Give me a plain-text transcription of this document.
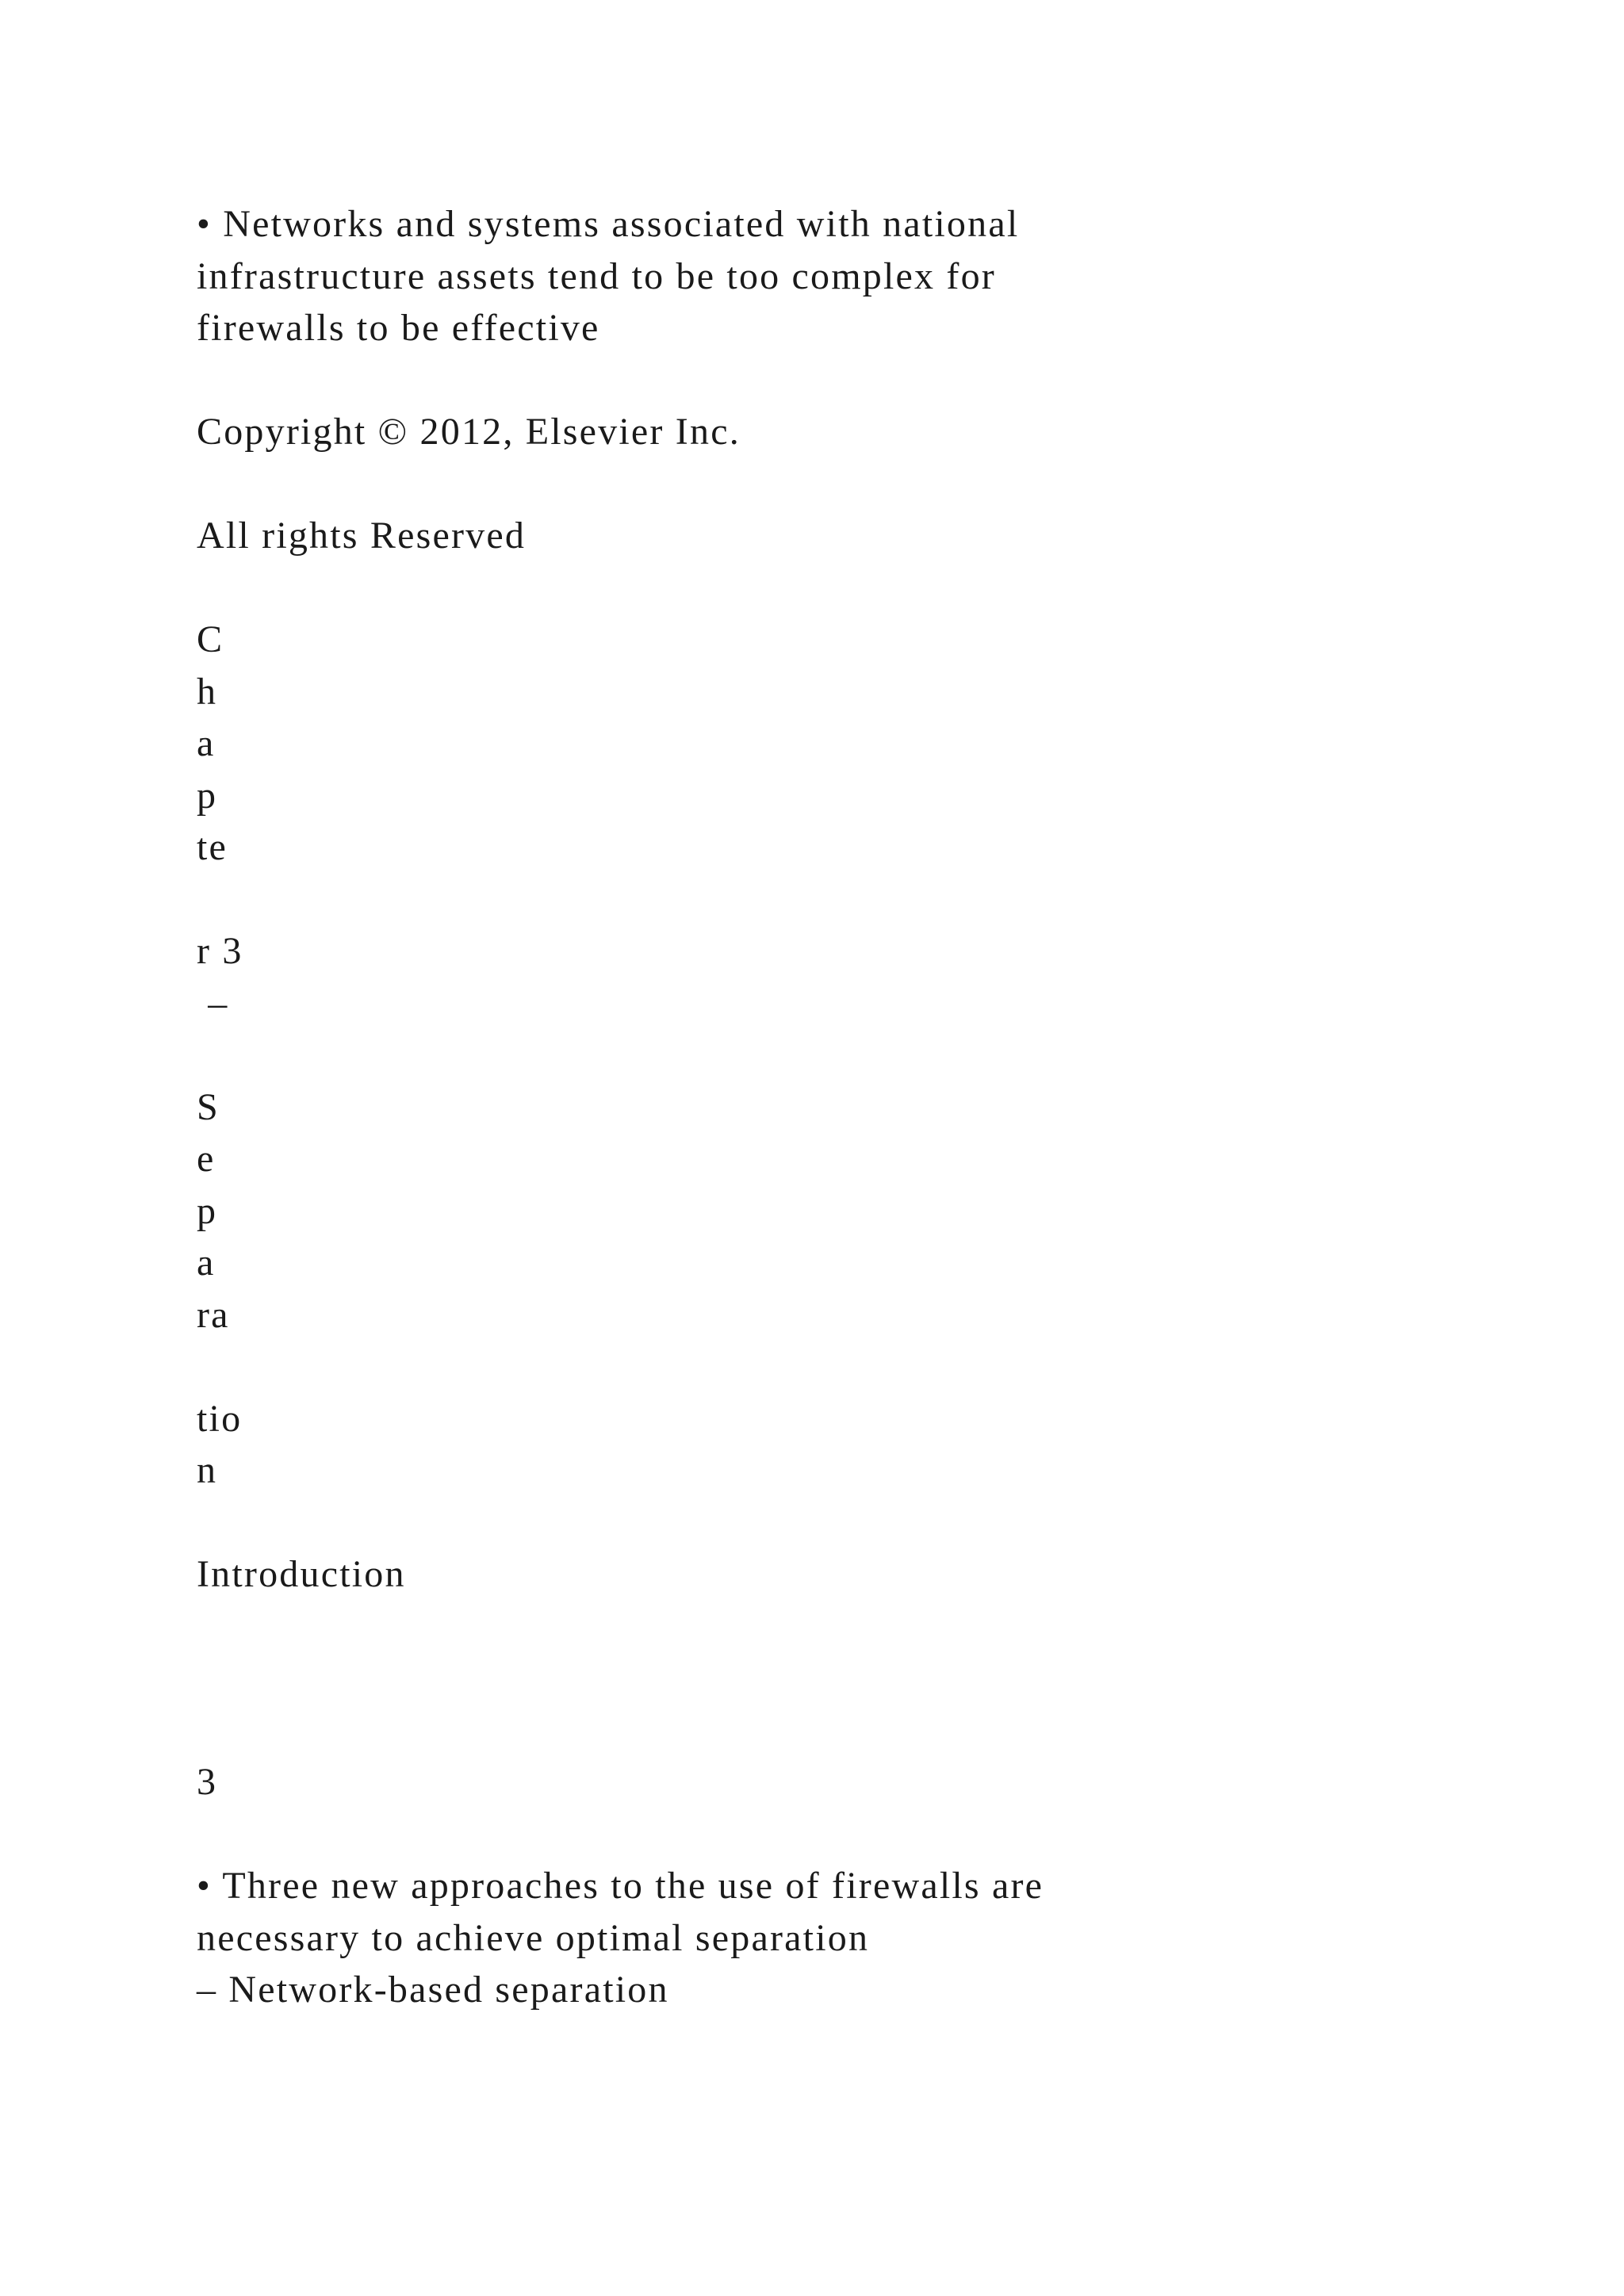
• Networks and systems associated with national
infrastructure assets tend to be too complex for
firewalls to be effective
Copyright © 2012, Elsevier Inc.
All rights Reserved
C
h
a
p
te
r 3
–
S
e
p
a
ra
tio
n
Introduction
3
• Three new approaches to the use of firewalls are
necessary to achieve optimal separation
– Network-based separation
